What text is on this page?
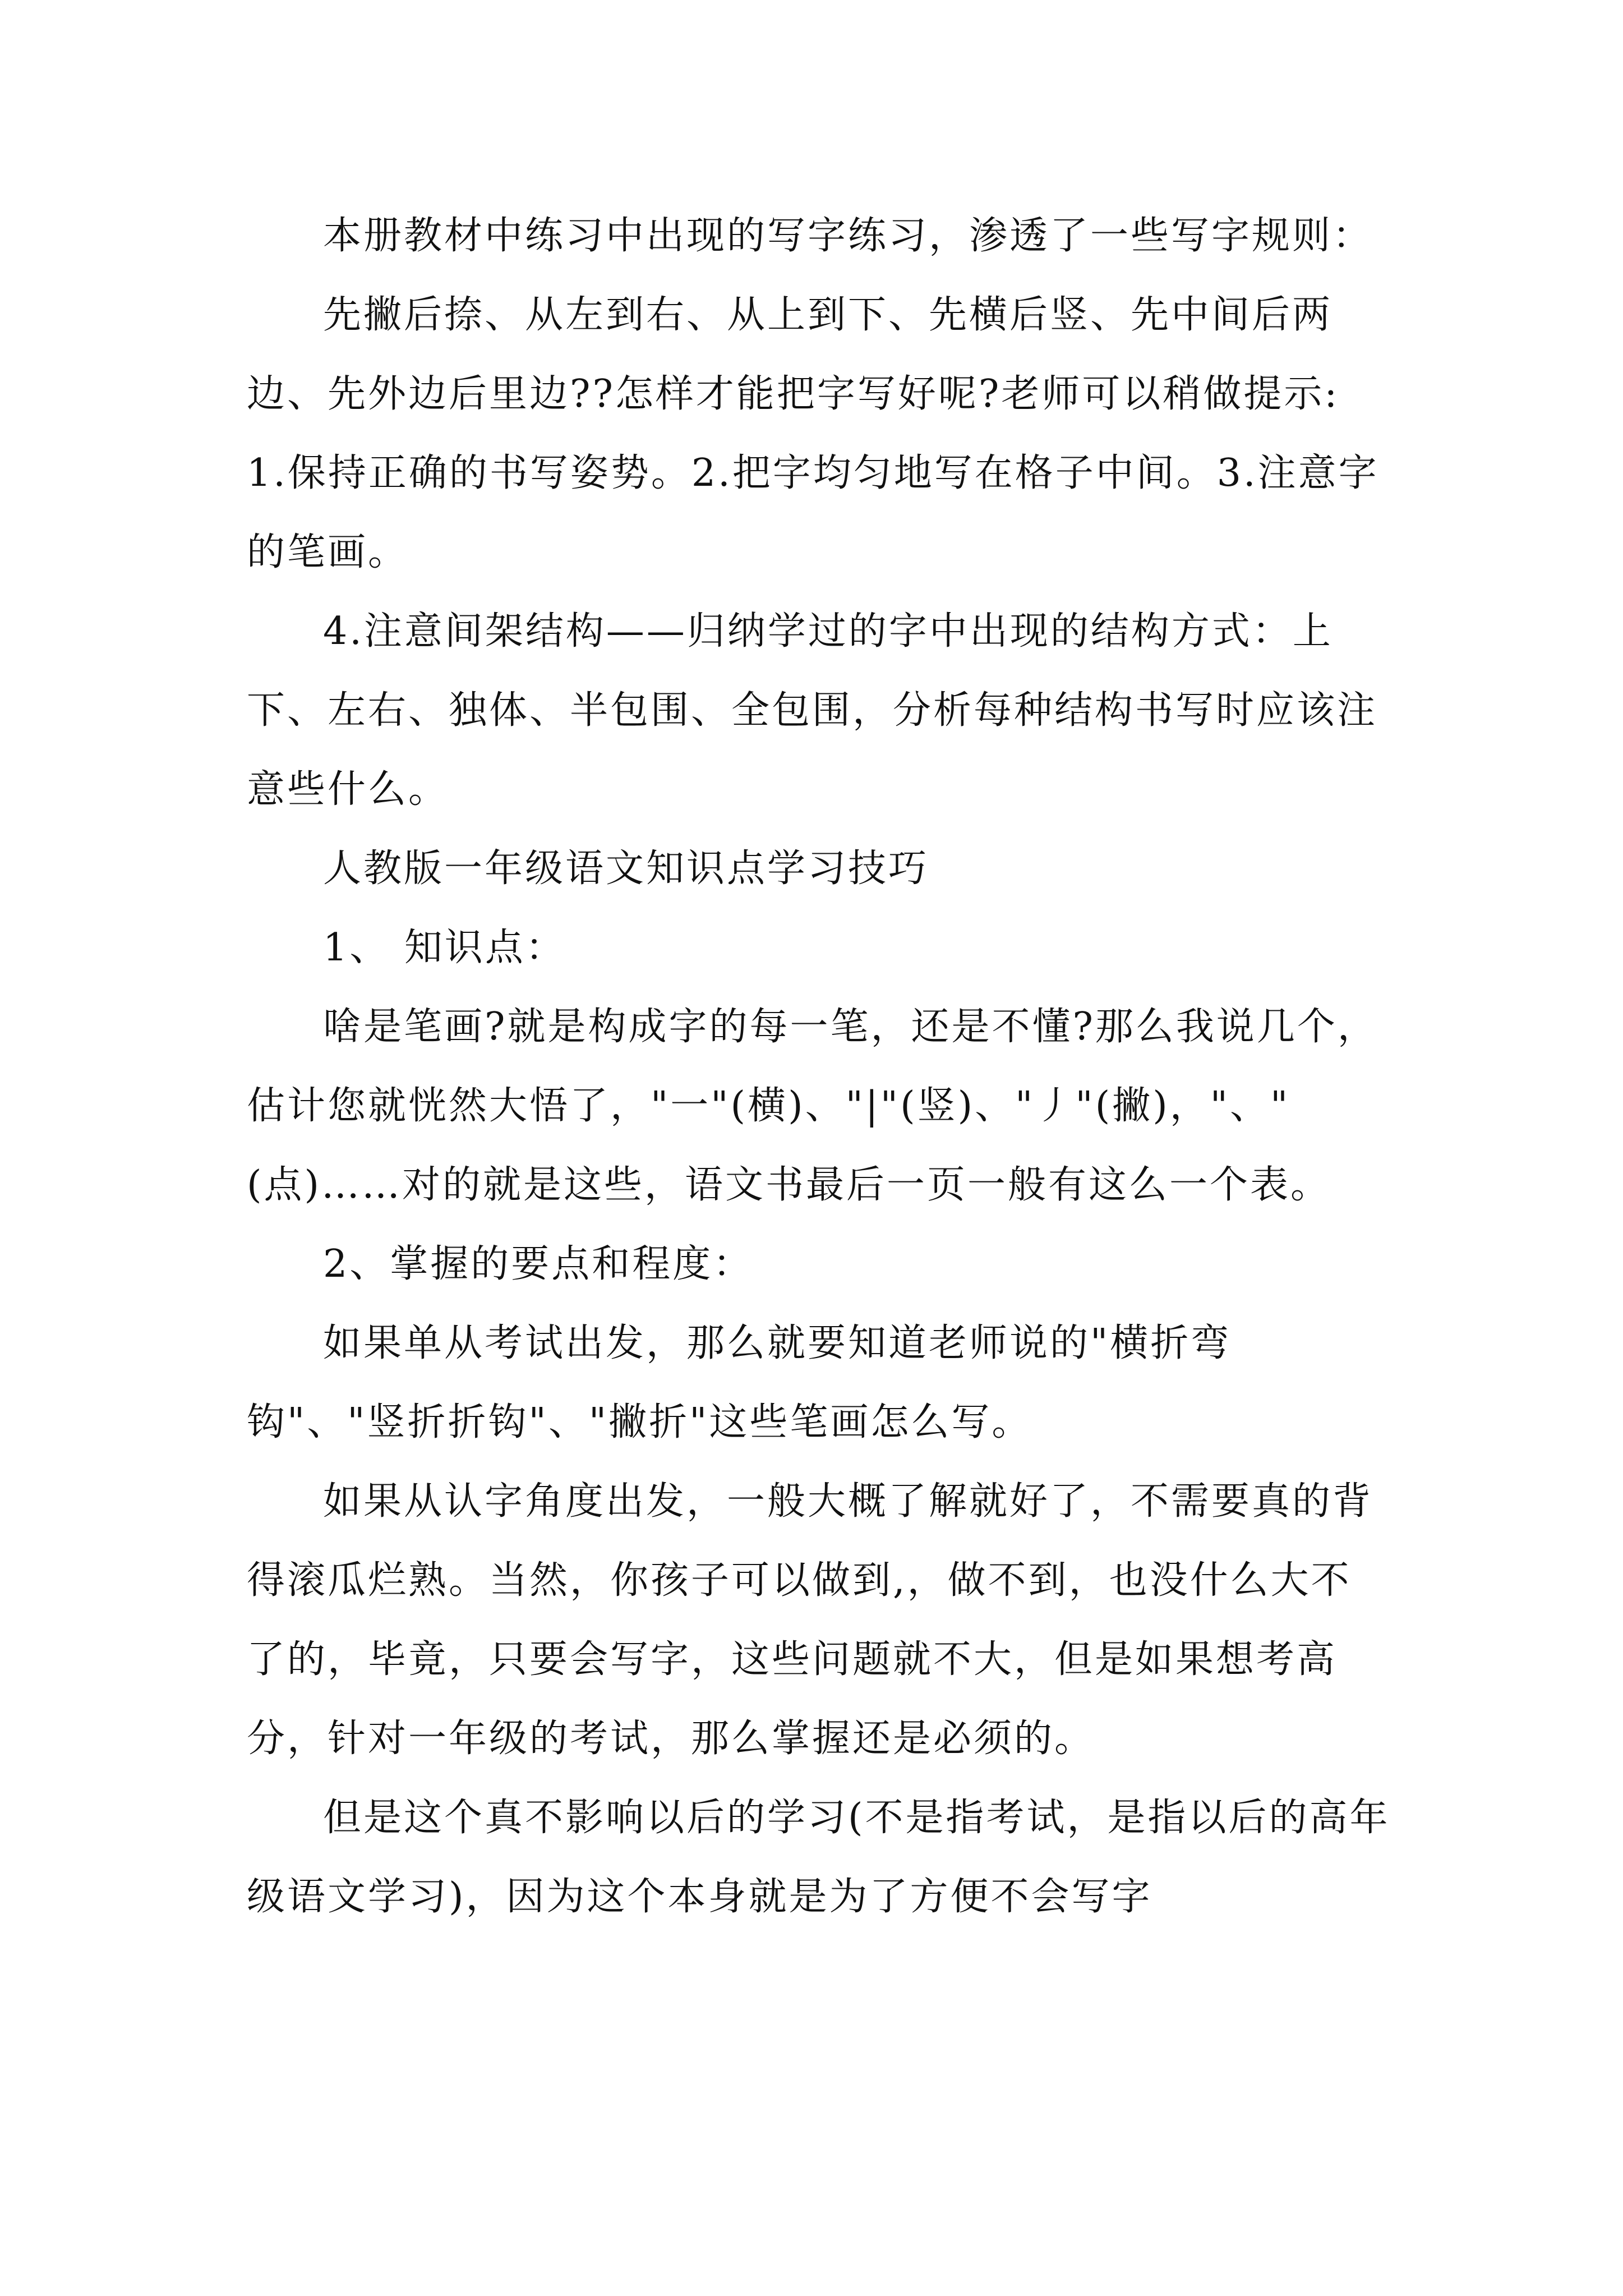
本册教材中练习中出现的写字练习，渗透了一些写字规则：

先撇后捺、从左到右、从上到下、先横后竖、先中间后两边、先外边后里边??怎样才能把字写好呢?老师可以稍做提示: 1.保持正确的书写姿势。2.把字均匀地写在格子中间。3.注意字的笔画。

4.注意间架结构——归纳学过的字中出现的结构方式：上下、左右、独体、半包围、全包围，分析每种结构书写时应该注意些什么。

人教版一年级语文知识点学习技巧

1、 知识点：

啥是笔画?就是构成字的每一笔，还是不懂?那么我说几个，估计您就恍然大悟了，"一"(横)、"|"(竖)、"丿"(撇)，"、"(点)……对的就是这些，语文书最后一页一般有这么一个表。

2、掌握的要点和程度：

如果单从考试出发，那么就要知道老师说的"横折弯钩"、"竖折折钩"、"撇折"这些笔画怎么写。

如果从认字角度出发，一般大概了解就好了，不需要真的背得滚瓜烂熟。当然，你孩子可以做到,，做不到，也没什么大不了的，毕竟，只要会写字，这些问题就不大，但是如果想考高分，针对一年级的考试，那么掌握还是必须的。

但是这个真不影响以后的学习(不是指考试，是指以后的高年级语文学习)，因为这个本身就是为了方便不会写字
